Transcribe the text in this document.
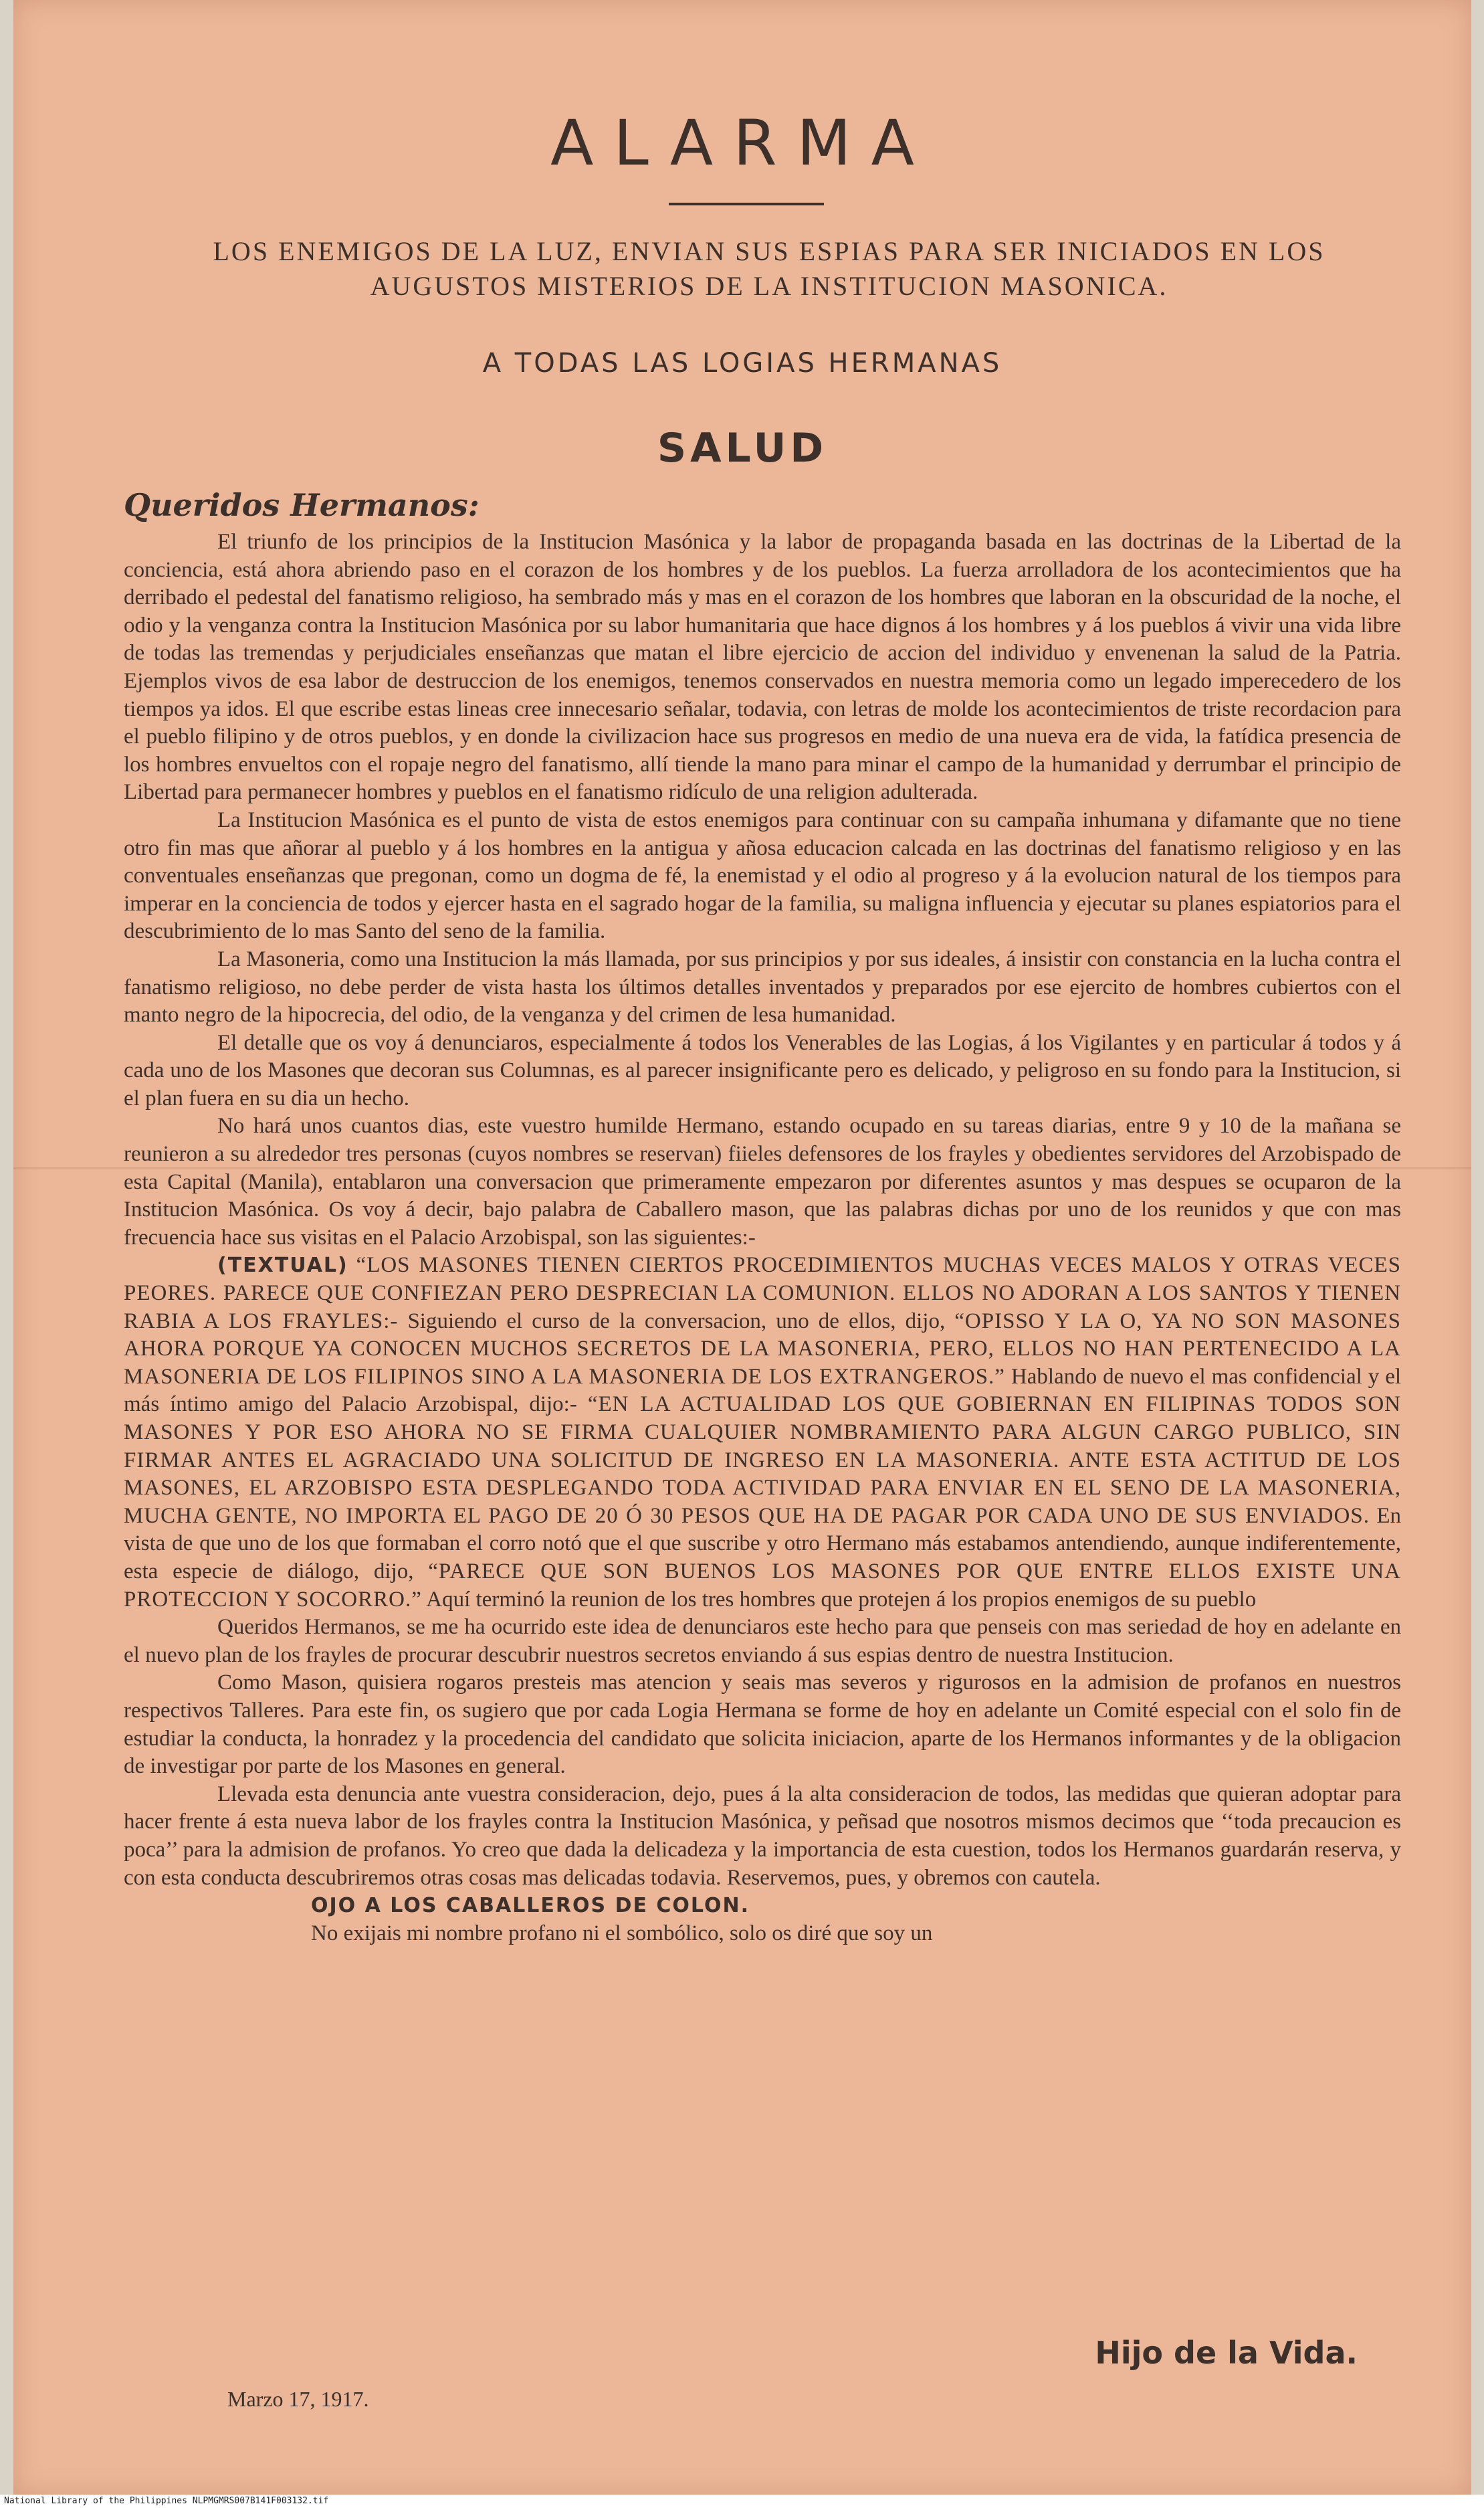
ALARMA
LOS ENEMIGOS DE LA LUZ, ENVIAN SUS ESPIAS PARA SER INICIADOS EN LOS AUGUSTOS MISTERIOS DE LA INSTITUCION MASONICA.
A TODAS LAS LOGIAS HERMANAS
SALUD
Queridos Hermanos:

El triunfo de los principios de la Institucion Masónica y la labor de propaganda basada en las doctrinas de la Libertad de la conciencia, está ahora abriendo paso en el corazon de los hombres y de los pueblos. La fuerza arrolladora de los acontecimientos que ha derribado el pedestal del fanatismo religioso, ha sembrado más y mas en el corazon de los hombres que laboran en la obscuridad de la noche, el odio y la venganza contra la Institucion Masónica por su labor humanitaria que hace dignos á los hombres y á los pueblos á vivir una vida libre de todas las tremendas y perjudiciales enseñanzas que matan el libre ejercicio de accion del individuo y envenenan la salud de la Patria. Ejemplos vivos de esa labor de destruccion de los enemigos, tenemos conservados en nuestra memoria como un legado imperecedero de los tiempos ya idos. El que escribe estas lineas cree innecesario señalar, todavia, con letras de molde los acontecimientos de triste recordacion para el pueblo filipino y de otros pueblos, y en donde la civilizacion hace sus progresos en medio de una nueva era de vida, la fatídica presencia de los hombres envueltos con el ropaje negro del fanatismo, allí tiende la mano para minar el campo de la humanidad y derrumbar el principio de Libertad para permanecer hombres y pueblos en el fanatismo ridículo de una religion adulterada.

La Institucion Masónica es el punto de vista de estos enemigos para continuar con su campaña inhumana y difamante que no tiene otro fin mas que añorar al pueblo y á los hombres en la antigua y añosa educacion calcada en las doctrinas del fanatismo religioso y en las conventuales enseñanzas que pregonan, como un dogma de fé, la enemistad y el odio al progreso y á la evolucion natural de los tiempos para imperar en la conciencia de todos y ejercer hasta en el sagrado hogar de la familia, su maligna influencia y ejecutar su planes espiatorios para el descubrimiento de lo mas Santo del seno de la familia.

La Masoneria, como una Institucion la más llamada, por sus principios y por sus ideales, á insistir con constancia en la lucha contra el fanatismo religioso, no debe perder de vista hasta los últimos detalles inventados y preparados por ese ejercito de hombres cubiertos con el manto negro de la hipocrecia, del odio, de la venganza y del crimen de lesa humanidad.

El detalle que os voy á denunciaros, especialmente á todos los Venerables de las Logias, á los Vigilantes y en particular á todos y á cada uno de los Masones que decoran sus Columnas, es al parecer insignificante pero es delicado, y peligroso en su fondo para la Institucion, si el plan fuera en su dia un hecho.

No hará unos cuantos dias, este vuestro humilde Hermano, estando ocupado en su tareas diarias, entre 9 y 10 de la mañana se reunieron a su alrededor tres personas (cuyos nombres se reservan) fiieles defensores de los frayles y obedientes servidores del Arzobispado de esta Capital (Manila), entablaron una conversacion que primeramente empezaron por diferentes asuntos y mas despues se ocuparon de la Institucion Masónica. Os voy á decir, bajo palabra de Caballero mason, que las palabras dichas por uno de los reunidos y que con mas frecuencia hace sus visitas en el Palacio Arzobispal, son las siguientes:-

(TEXTUAL) “LOS MASONES TIENEN CIERTOS PROCEDIMIENTOS MUCHAS VECES MALOS Y OTRAS VECES PEORES. PARECE QUE CONFIEZAN PERO DESPRECIAN LA COMUNION. ELLOS NO ADORAN A LOS SANTOS Y TIENEN RABIA A LOS FRAYLES:- Siguiendo el curso de la conversacion, uno de ellos, dijo, “OPISSO Y LA O, YA NO SON MASONES AHORA PORQUE YA CONOCEN MUCHOS SECRETOS DE LA MASONERIA, PERO, ELLOS NO HAN PERTENECIDO A LA MASONERIA DE LOS FILIPINOS SINO A LA MASONERIA DE LOS EXTRANGEROS.” Hablando de nuevo el mas confidencial y el más íntimo amigo del Palacio Arzobispal, dijo:- “EN LA ACTUALIDAD LOS QUE GOBIERNAN EN FILIPINAS TODOS SON MASONES Y POR ESO AHORA NO SE FIRMA CUALQUIER NOMBRAMIENTO PARA ALGUN CARGO PUBLICO, SIN FIRMAR ANTES EL AGRACIADO UNA SOLICITUD DE INGRESO EN LA MASONERIA. ANTE ESTA ACTITUD DE LOS MASONES, EL ARZOBISPO ESTA DESPLEGANDO TODA ACTIVIDAD PARA ENVIAR EN EL SENO DE LA MASONERIA, MUCHA GENTE, NO IMPORTA EL PAGO DE 20 Ó 30 PESOS QUE HA DE PAGAR POR CADA UNO DE SUS ENVIADOS. En vista de que uno de los que formaban el corro notó que el que suscribe y otro Hermano más estabamos antendiendo, aunque indiferentemente, esta especie de diálogo, dijo, “PARECE QUE SON BUENOS LOS MASONES POR QUE ENTRE ELLOS EXISTE UNA PROTECCION Y SOCORRO.” Aquí terminó la reunion de los tres hombres que protejen á los propios enemigos de su pueblo

Queridos Hermanos, se me ha ocurrido este idea de denunciaros este hecho para que penseis con mas seriedad de hoy en adelante en el nuevo plan de los frayles de procurar descubrir nuestros secretos enviando á sus espias dentro de nuestra Institucion.

Como Mason, quisiera rogaros presteis mas atencion y seais mas severos y rigurosos en la admision de profanos en nuestros respectivos Talleres. Para este fin, os sugiero que por cada Logia Hermana se forme de hoy en adelante un Comité especial con el solo fin de estudiar la conducta, la honradez y la procedencia del candidato que solicita iniciacion, aparte de los Hermanos informantes y de la obligacion de investigar por parte de los Masones en general.

Llevada esta denuncia ante vuestra consideracion, dejo, pues á la alta consideracion de todos, las medidas que quieran adoptar para hacer frente á esta nueva labor de los frayles contra la Institucion Masónica, y peñsad que nosotros mismos decimos que ‘‘toda precaucion es poca’’ para la admision de profanos. Yo creo que dada la delicadeza y la importancia de esta cuestion, todos los Hermanos guardarán reserva, y con esta conducta descubriremos otras cosas mas delicadas todavia. Reservemos, pues, y obremos con cautela.

OJO A LOS CABALLEROS DE COLON.

No exijais mi nombre profano ni el sombólico, solo os diré que soy un

Hijo de la Vida.
Marzo 17, 1917.
National Library of the Philippines NLPMGMRS007B141F003132.tif
